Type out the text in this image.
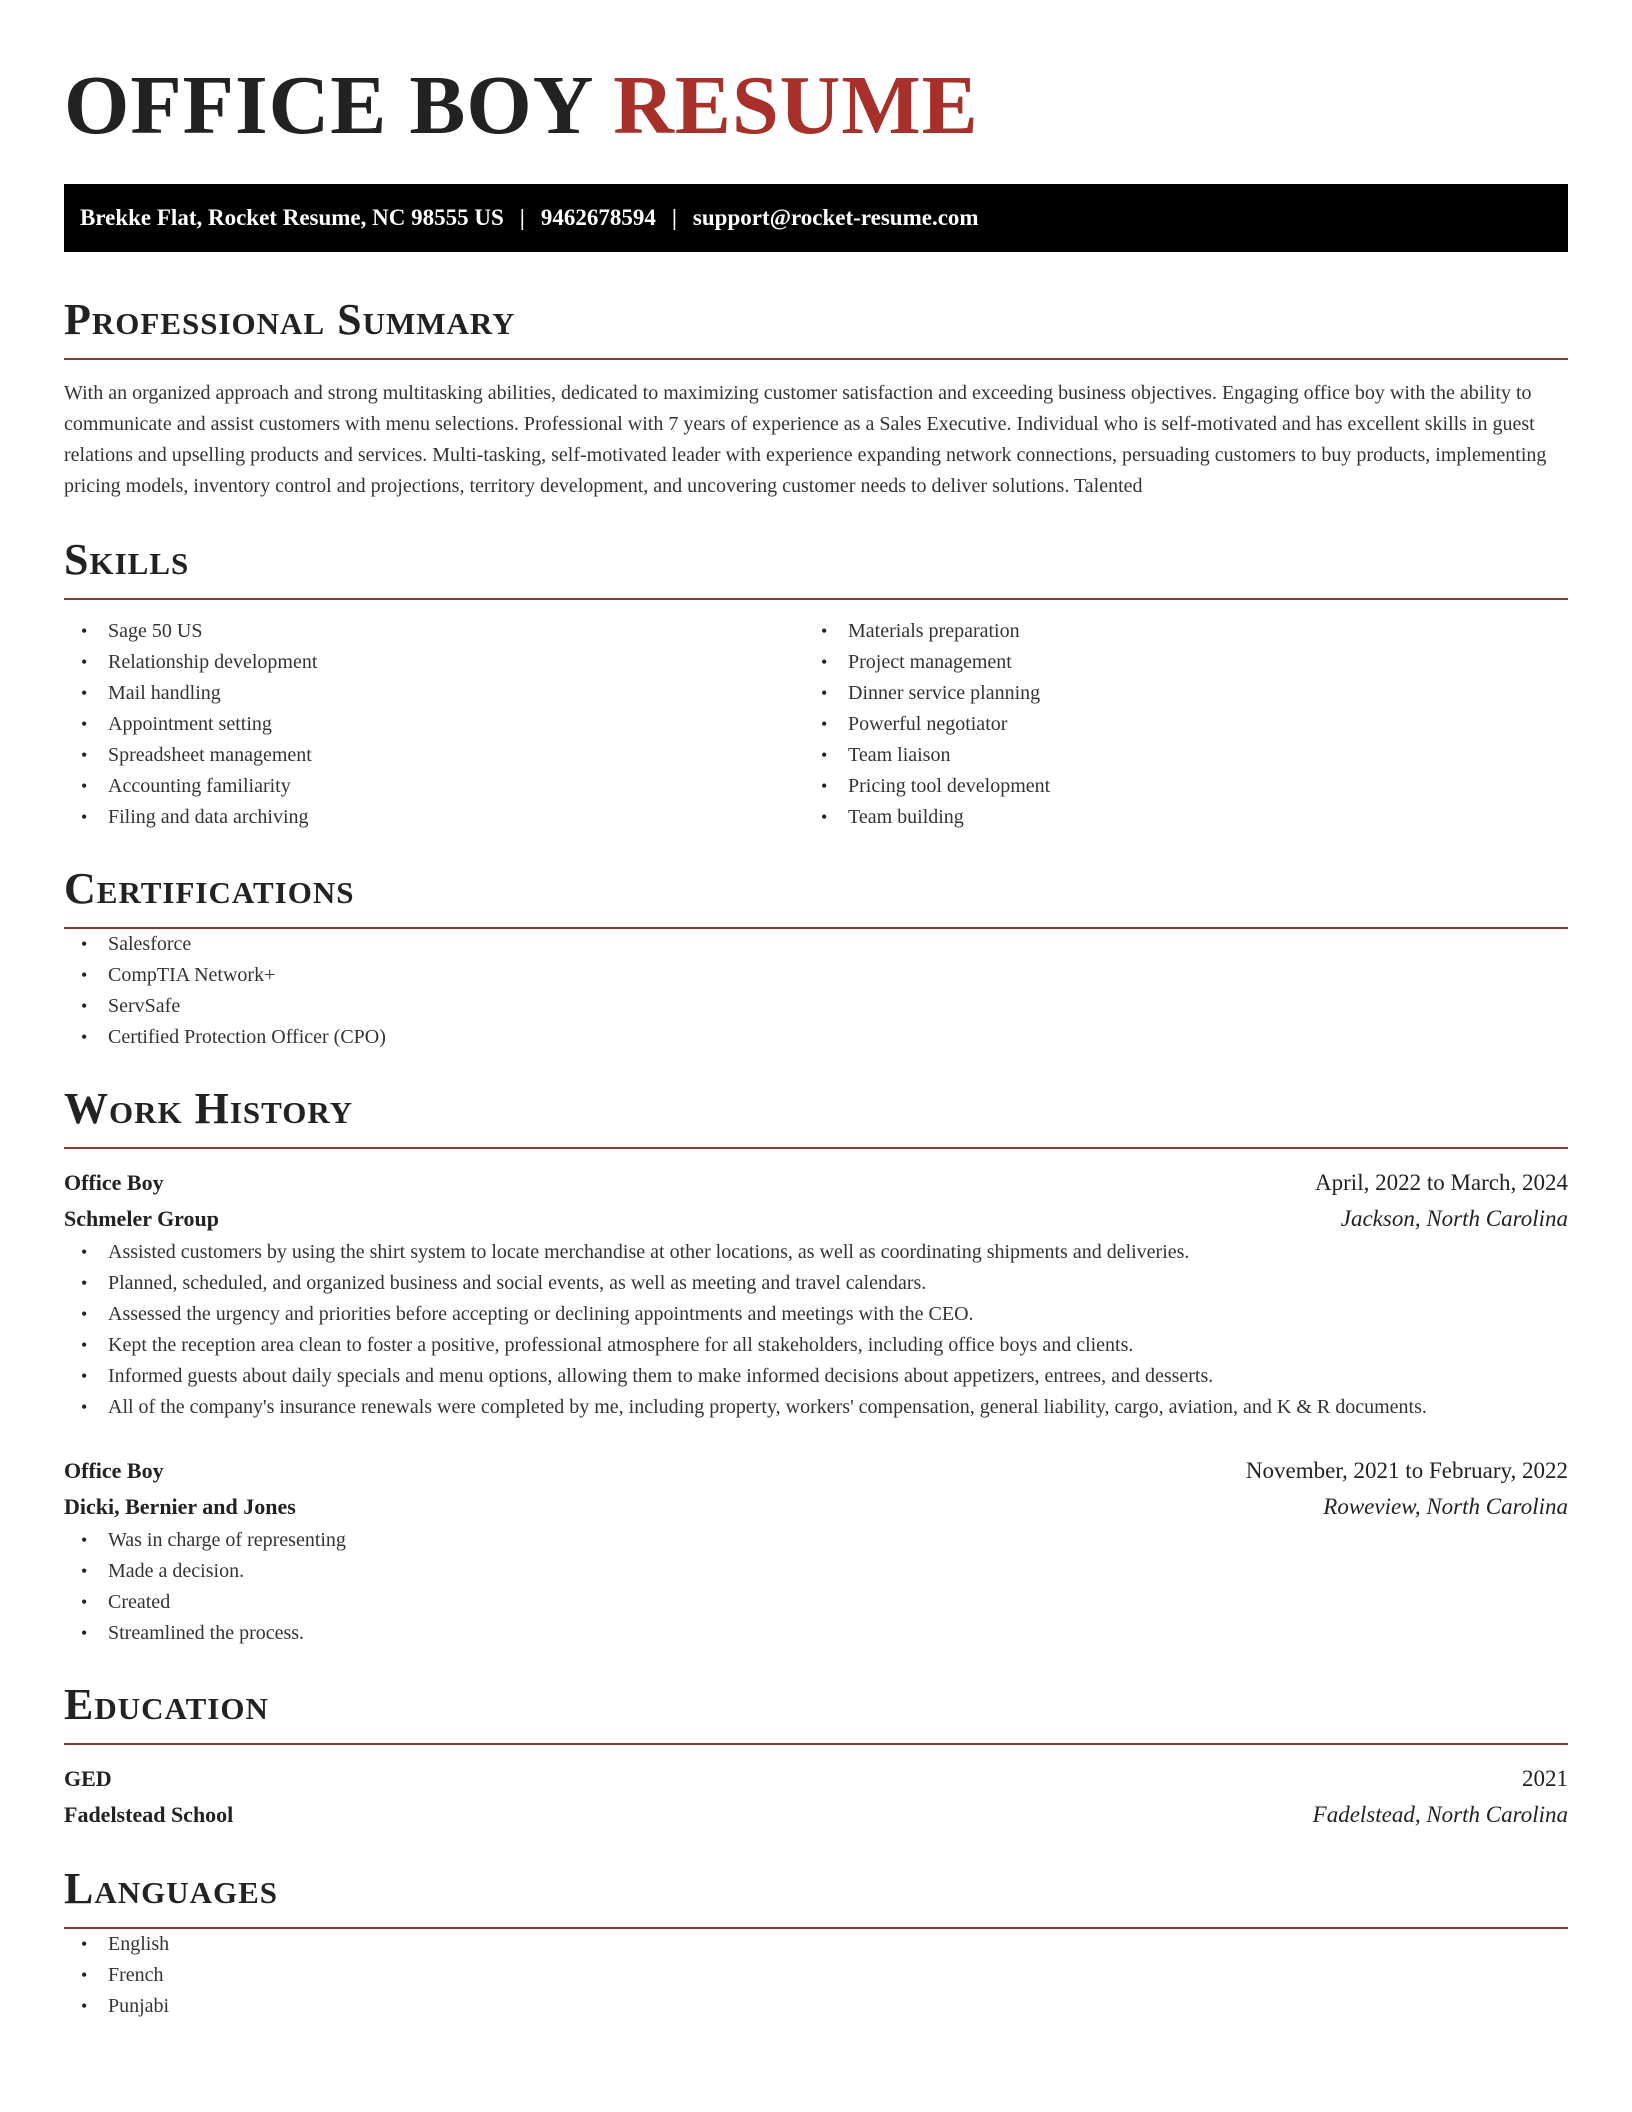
OFFICE BOY RESUME
Brekke Flat, Rocket Resume, NC 98555 US | 9462678594 | support@rocket-resume.com
Professional Summary

With an organized approach and strong multitasking abilities, dedicated to maximizing customer satisfaction and exceeding business objectives. Engaging office boy with the ability to communicate and assist customers with menu selections. Professional with 7 years of experience as a Sales Executive. Individual who is self-motivated and has excellent skills in guest relations and upselling products and services. Multi-tasking, self-motivated leader with experience expanding network connections, persuading customers to buy products, implementing pricing models, inventory control and projections, territory development, and uncovering customer needs to deliver solutions. Talented

Skills
• Sage 50 US
• Relationship development
• Mail handling
• Appointment setting
• Spreadsheet management
• Accounting familiarity
• Filing and data archiving
• Materials preparation
• Project management
• Dinner service planning
• Powerful negotiator
• Team liaison
• Pricing tool development
• Team building
Certifications
• Salesforce
• CompTIA Network+
• ServSafe
• Certified Protection Officer (CPO)
Work History
Office Boy	April, 2022 to March, 2024
Schmeler Group	Jackson, North Carolina
• Assisted customers by using the shirt system to locate merchandise at other locations, as well as coordinating shipments and deliveries.
• Planned, scheduled, and organized business and social events, as well as meeting and travel calendars.
• Assessed the urgency and priorities before accepting or declining appointments and meetings with the CEO.
• Kept the reception area clean to foster a positive, professional atmosphere for all stakeholders, including office boys and clients.
• Informed guests about daily specials and menu options, allowing them to make informed decisions about appetizers, entrees, and desserts.
• All of the company's insurance renewals were completed by me, including property, workers' compensation, general liability, cargo, aviation, and K & R documents.
Office Boy	November, 2021 to February, 2022
Dicki, Bernier and Jones	Roweview, North Carolina
• Was in charge of representing
• Made a decision.
• Created
• Streamlined the process.
Education
GED	2021
Fadelstead School	Fadelstead, North Carolina
Languages
• English
• French
• Punjabi
